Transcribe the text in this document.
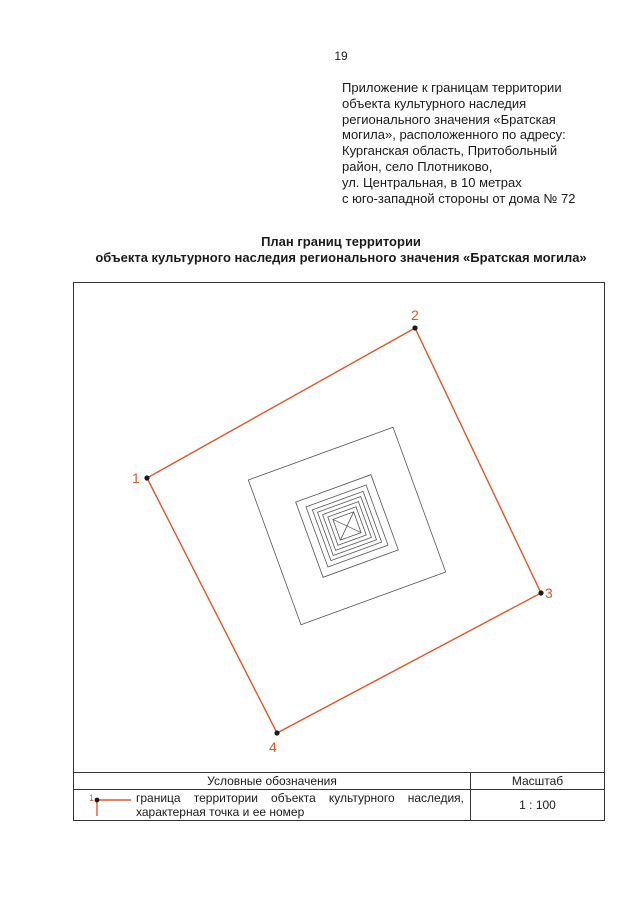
19
Приложение к границам территории
объекта культурного наследия
регионального значения «Братская
могила», расположенного по адресу:
Курганская область, Притобольный
район, село Плотниково,
ул. Центральная, в 10 метрах
с юго-западной стороны от дома № 72
План границ территории
объекта культурного наследия регионального значения «Братская могила»
1
2
3
4
Условные обозначения	Масштаб

1 граница территории объекта культурного наследия, характерная точка и ее номер	1 : 100
